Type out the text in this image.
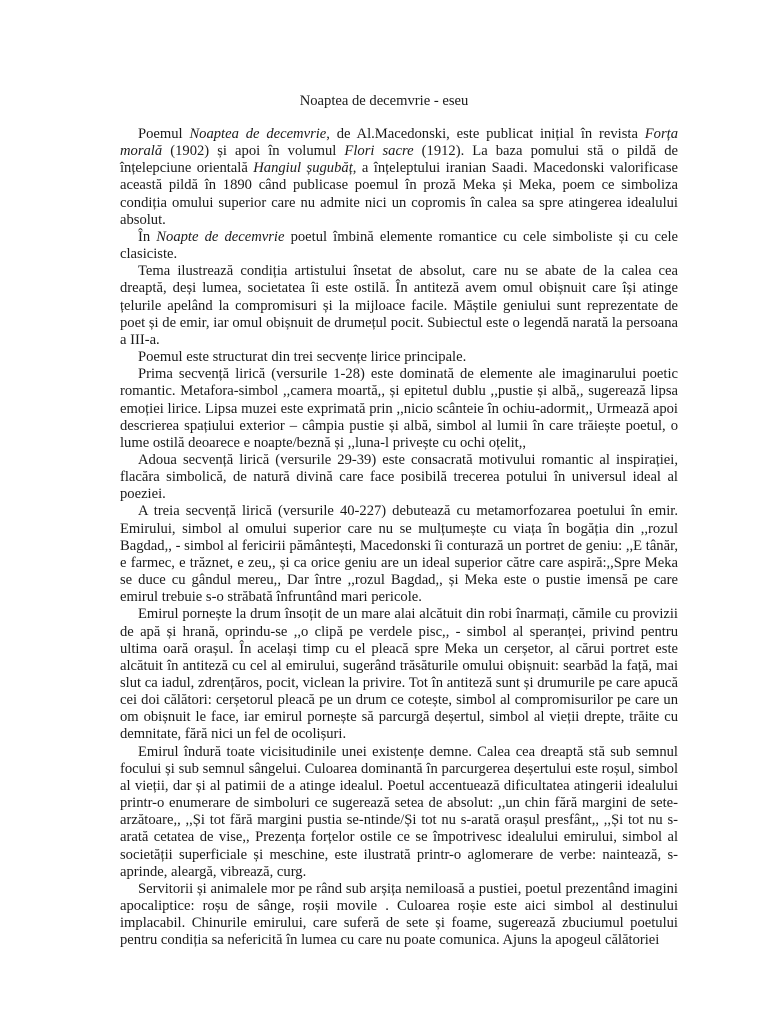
Noaptea de decemvrie - eseu

Poemul Noaptea de decemvrie, de Al.Macedonski, este publicat inițial în revista Forța morală (1902) și apoi în volumul Flori sacre (1912). La baza pomului stă o pildă de înțelepciune orientală Hangiul șugubăț, a înțeleptului iranian Saadi. Macedonski valorificase această pildă în 1890 când publicase poemul în proză Meka și Meka, poem ce simboliza condiția omului superior care nu admite nici un copromis în calea sa spre atingerea idealului absolut.

În Noapte de decemvrie poetul îmbină elemente romantice cu cele simboliste și cu cele clasiciste.

Tema ilustrează condiția artistului însetat de absolut, care nu se abate de la calea cea dreaptă, deși lumea, societatea îi este ostilă. În antiteză avem omul obișnuit care își atinge țelurile apelând la compromisuri și la mijloace facile. Măștile geniului sunt reprezentate de poet și de emir, iar omul obișnuit de drumețul pocit. Subiectul este o legendă narată la persoana a III-a.

Poemul este structurat din trei secvențe lirice principale.

Prima secvență lirică (versurile 1-28) este dominată de elemente ale imaginarului poetic romantic. Metafora-simbol ,,camera moartă,, și epitetul dublu ,,pustie și albă,, sugerează lipsa emoției lirice. Lipsa muzei este exprimată prin ,,nicio scânteie în ochiu-adormit,, Urmează apoi descrierea spațiului exterior – câmpia pustie și albă, simbol al lumii în care trăiește poetul, o lume ostilă deoarece e noapte/beznă și ,,luna-l privește cu ochi oțelit,,

Adoua secvență lirică (versurile 29-39) este consacrată motivului romantic al inspirației, flacăra simbolică, de natură divină care face posibilă trecerea potului în universul ideal al poeziei.

A treia secvență lirică (versurile 40-227) debutează cu metamorfozarea poetului în emir. Emirului, simbol al omului superior care nu se mulțumește cu viața în bogăția din ,,rozul Bagdad,, - simbol al fericirii pământești, Macedonski îi conturază un portret de geniu: ,,E tânăr, e farmec, e trăznet, e zeu,, și ca orice geniu are un ideal superior către care aspiră:,,Spre Meka se duce cu gândul mereu,, Dar între ,,rozul Bagdad,, și Meka este o pustie imensă pe care emirul trebuie s-o străbată înfruntând mari pericole.

Emirul pornește la drum însoțit de un mare alai alcătuit din robi înarmați, cămile cu provizii de apă și hrană, oprindu-se ,,o clipă pe verdele pisc,, - simbol al speranței, privind pentru ultima oară orașul. În același timp cu el pleacă spre Meka un cerșetor, al cărui portret este alcătuit în antiteză cu cel al emirului, sugerând trăsăturile omului obișnuit: searbăd la față, mai slut ca iadul, zdrențăros, pocit, viclean la privire. Tot în antiteză sunt și drumurile pe care apucă cei doi călători: cerșetorul pleacă pe un drum ce cotește, simbol al compromisurilor pe care un om obișnuit le face, iar emirul pornește să parcurgă deșertul, simbol al vieții drepte, trăite cu demnitate, fără nici un fel de ocolișuri.

Emirul îndură toate vicisitudinile unei existențe demne. Calea cea dreaptă stă sub semnul focului și sub semnul sângelui. Culoarea dominantă în parcurgerea deșertului este roșul, simbol al vieții, dar și al patimii de a atinge idealul. Poetul accentuează dificultatea atingerii idealului printr-o enumerare de simboluri ce sugerează setea de absolut: ,,un chin fără margini de sete-arzătoare,, ,,Și tot fără margini pustia se-ntinde/Și tot nu s-arată orașul presfânt,, ,,Și tot nu s-arată cetatea de vise,, Prezența forțelor ostile ce se împotrivesc idealului emirului, simbol al societății superficiale și meschine, este ilustrată printr-o aglomerare de verbe: naintează, s-aprinde, aleargă, vibrează, curg.

Servitorii și animalele mor pe rând sub arșița nemiloasă a pustiei, poetul prezentând imagini apocaliptice: roșu de sânge, roșii movile . Culoarea roșie este aici simbol al destinului implacabil. Chinurile emirului, care suferă de sete și foame, sugerează zbuciumul poetului pentru condiția sa nefericită în lumea cu care nu poate comunica. Ajuns la apogeul călătoriei
